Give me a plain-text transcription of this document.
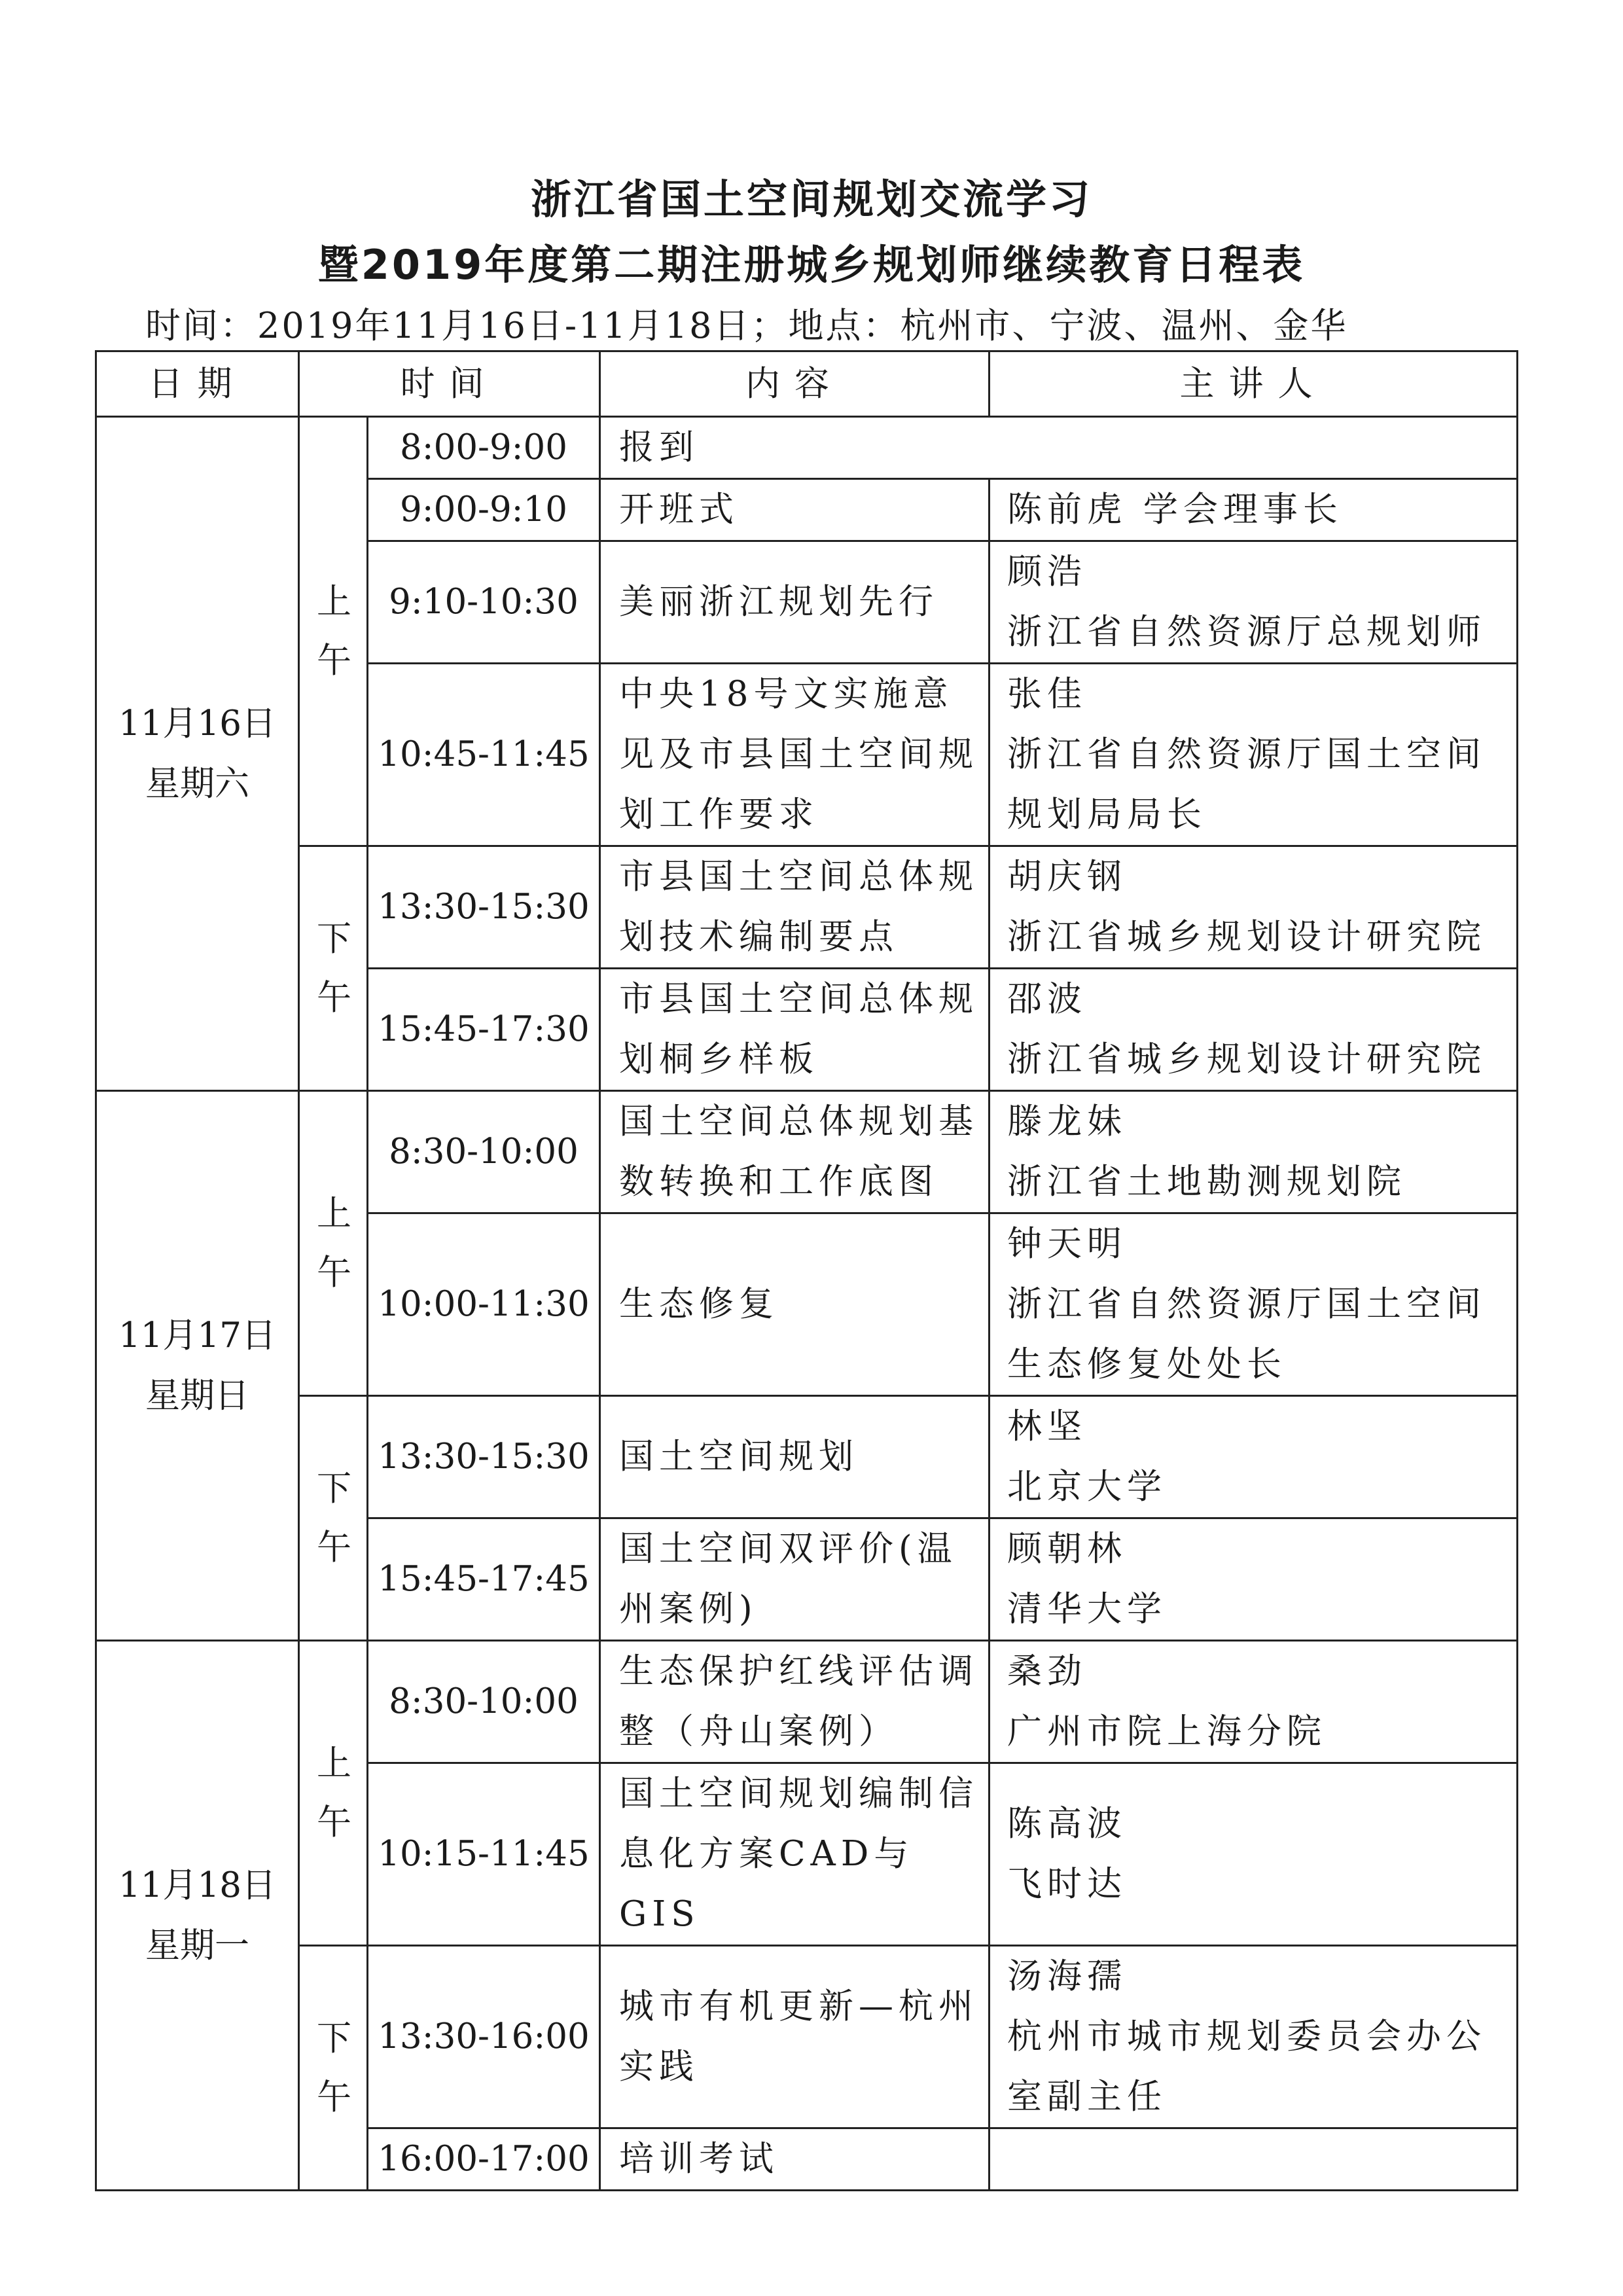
浙江省国土空间规划交流学习
暨2019年度第二期注册城乡规划师继续教育日程表
时间：2019年11月16日-11月18日；地点：杭州市、宁波、温州、金华
日期	时间		内容	主讲人

11月16日
星期六	上午	8:00-9:00	报到	
		9:00-9:10	开班式	陈前虎 学会理事长
		9:10-10:30	美丽浙江规划先行	顾浩
浙江省自然资源厅总规划师

		10:45-11:45	中央18号文实施意见及市县国土空间规划工作要求	张佳
浙江省自然资源厅国土空间规划局局长

	下午	13:30-15:30	市县国土空间总体规划技术编制要点	胡庆钢
浙江省城乡规划设计研究院

		15:45-17:30	市县国土空间总体规划桐乡样板	邵波
浙江省城乡规划设计研究院

11月17日
星期日	上午	8:30-10:00	国土空间总体规划基数转换和工作底图	滕龙妹
浙江省土地勘测规划院

		10:00-11:30	生态修复	钟天明
浙江省自然资源厅国土空间生态修复处处长

	下午	13:30-15:30	国土空间规划	林坚
北京大学

		15:45-17:45	国土空间双评价(温州案例)	顾朝林
清华大学

11月18日
星期一	上午	8:30-10:00	生态保护红线评估调整（舟山案例）	桑劲
广州市院上海分院

		10:15-11:45	国土空间规划编制信息化方案CAD与GIS	陈高波
飞时达

	下午	13:30-16:00	城市有机更新—杭州实践	汤海孺
杭州市城市规划委员会办公室副主任

		16:00-17:00	培训考试	
